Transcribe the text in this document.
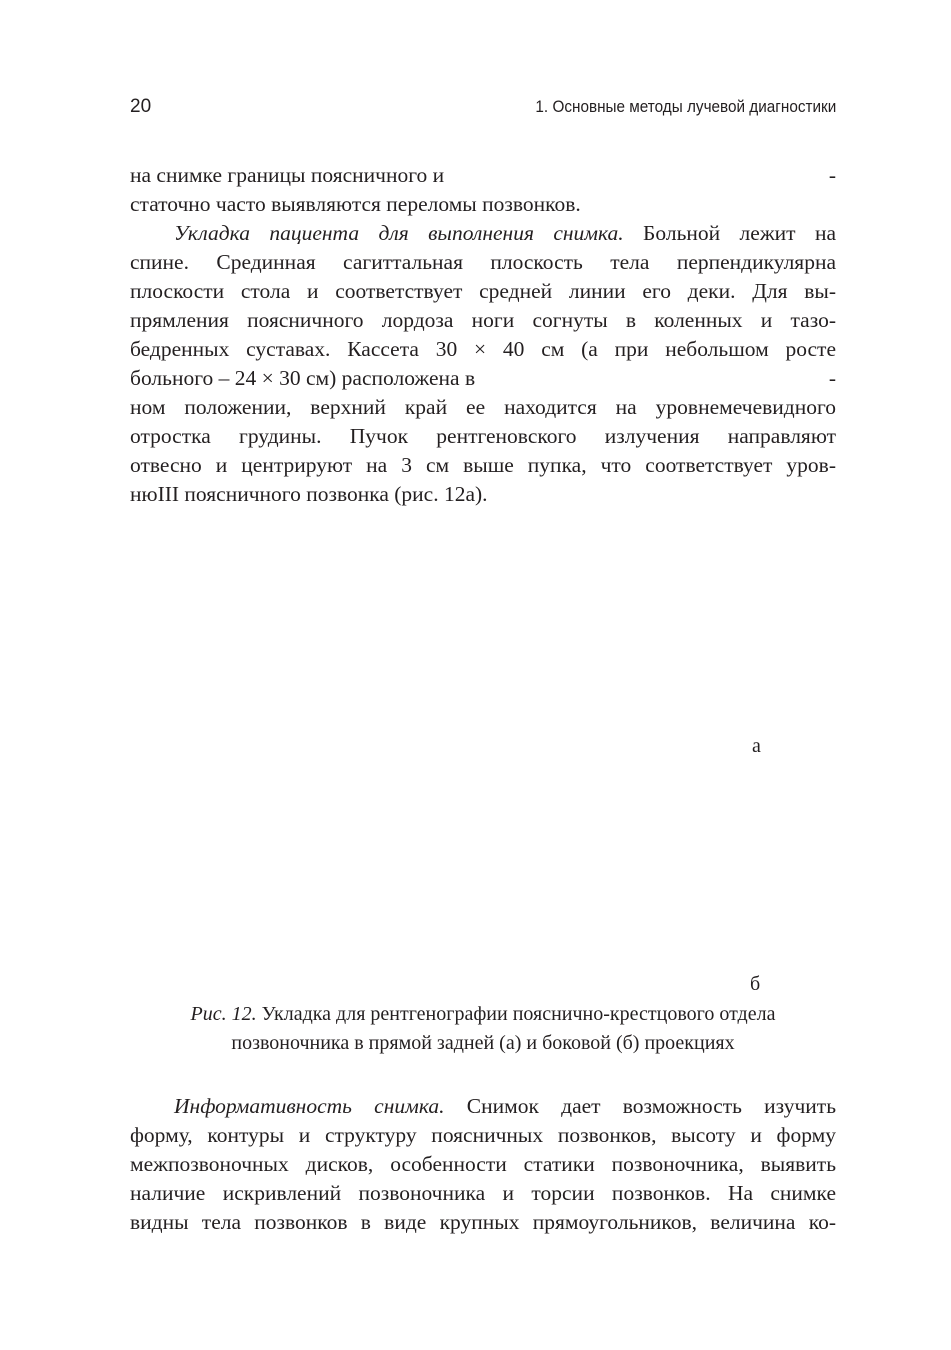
20	1. Основные методы лучевой диагностики
на снимке границы поясничного и	-
статочно часто выявляются переломы позвонков.
Укладка пациента для выполнения снимка. Больной лежит на
спине. Срединная сагиттальная плоскость тела перпендикулярна
плоскости стола и соответствует средней линии его деки. Для вы-
прямления поясничного лордоза ноги согнуты в коленных и тазо-
бедренных суставах. Кассета 30 × 40 см (а при небольшом росте
больного – 24 × 30 см) расположена в	-
ном положении, верхний край ее находится на уровнемечевидного
отростка грудины. Пучок рентгеновского излучения направляют
отвесно и центрируют на 3 см выше пупка, что соответствует уров-
нюIII поясничного позвонка (рис. 12а).
а
б
Рис. 12. Укладка для рентгенографии пояснично-крестцового отдела
позвоночника в прямой задней (а) и боковой (б) проекциях
Информативность снимка. Снимок дает возможность изучить
форму, контуры и структуру поясничных позвонков, высоту и форму
межпозвоночных дисков, особенности статики позвоночника, выявить
наличие искривлений позвоночника и торсии позвонков. На снимке
видны тела позвонков в виде крупных прямоугольников, величина ко-
